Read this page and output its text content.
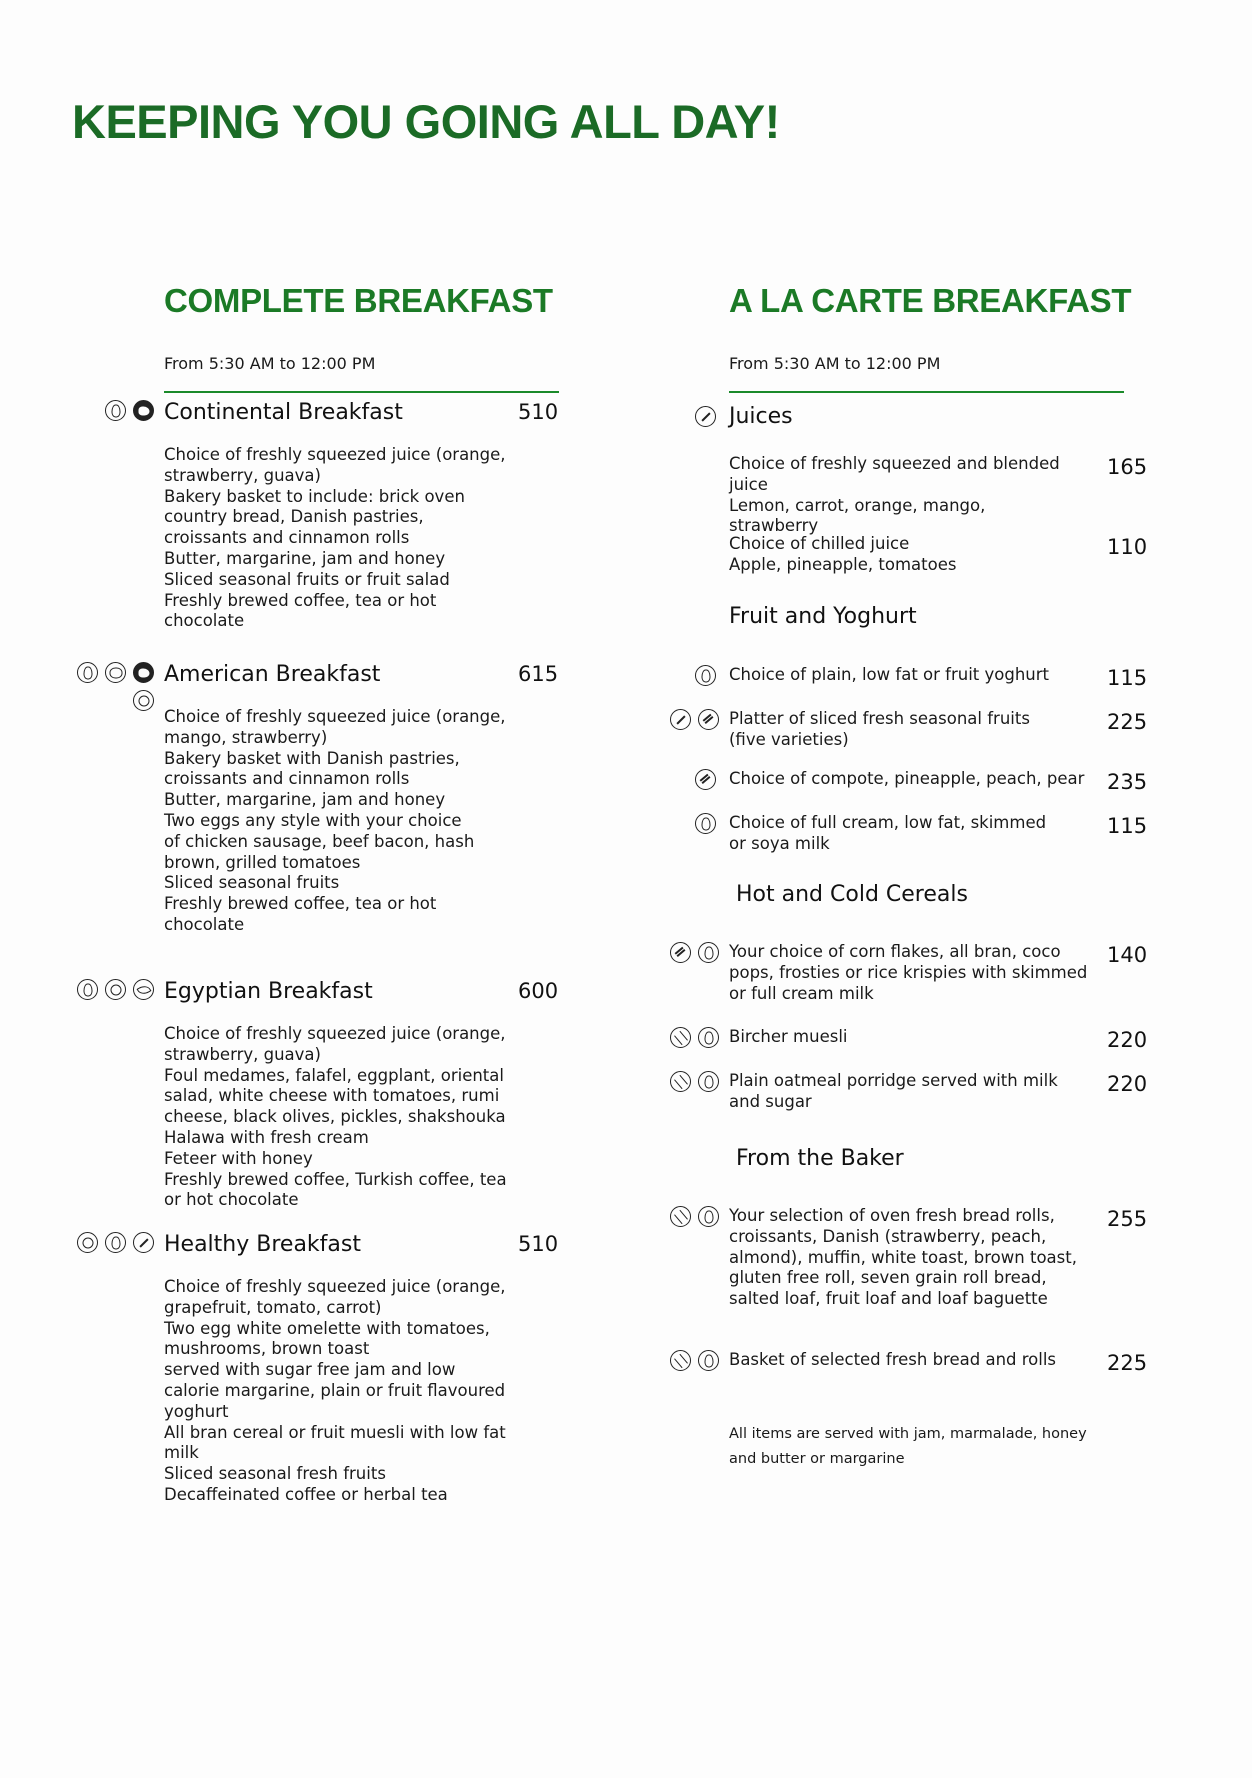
KEEPING YOU GOING ALL DAY!
COMPLETE BREAKFAST
From 5:30 AM to 12:00 PM
Continental Breakfast	510
Choice of freshly squeezed juice (orange,
strawberry, guava)
Bakery basket to include: brick oven
country bread, Danish pastries,
croissants and cinnamon rolls
Butter, margarine, jam and honey
Sliced seasonal fruits or fruit salad
Freshly brewed coffee, tea or hot
chocolate
American Breakfast	615
Choice of freshly squeezed juice (orange,
mango, strawberry)
Bakery basket with Danish pastries,
croissants and cinnamon rolls
Butter, margarine, jam and honey
Two eggs any style with your choice
of chicken sausage, beef bacon, hash
brown, grilled tomatoes
Sliced seasonal fruits
Freshly brewed coffee, tea or hot
chocolate
Egyptian Breakfast	600
Choice of freshly squeezed juice (orange,
strawberry, guava)
Foul medames, falafel, eggplant, oriental
salad, white cheese with tomatoes, rumi
cheese, black olives, pickles, shakshouka
Halawa with fresh cream
Feteer with honey
Freshly brewed coffee, Turkish coffee, tea
or hot chocolate
Healthy Breakfast	510
Choice of freshly squeezed juice (orange,
grapefruit, tomato, carrot)
Two egg white omelette with tomatoes,
mushrooms, brown toast
served with sugar free jam and low
calorie margarine, plain or fruit flavoured
yoghurt
All bran cereal or fruit muesli with low fat
milk
Sliced seasonal fresh fruits
Decaffeinated coffee or herbal tea
A LA CARTE BREAKFAST
From 5:30 AM to 12:00 PM
Juices
Choice of freshly squeezed and blended
juice
Lemon, carrot, orange, mango, strawberry
165
Choice of chilled juice
Apple, pineapple, tomatoes
110
Fruit and Yoghurt
Choice of plain, low fat or fruit yoghurt	115
Platter of sliced fresh seasonal fruits
(five varieties)
225
Choice of compote, pineapple, peach, pear 235
Choice of full cream, low fat, skimmed
or soya milk
115
Hot and Cold Cereals
Your choice of corn flakes, all bran, coco
pops, frosties or rice krispies with skimmed
or full cream milk
140
Bircher muesli	220
Plain oatmeal porridge served with milk
and sugar
220
From the Baker
Your selection of oven fresh bread rolls,
croissants, Danish (strawberry, peach,
almond), muffin, white toast, brown toast,
gluten free roll, seven grain roll bread,
salted loaf, fruit loaf and loaf baguette
255
Basket of selected fresh bread and rolls	225
All items are served with jam, marmalade, honey
and butter or margarine
